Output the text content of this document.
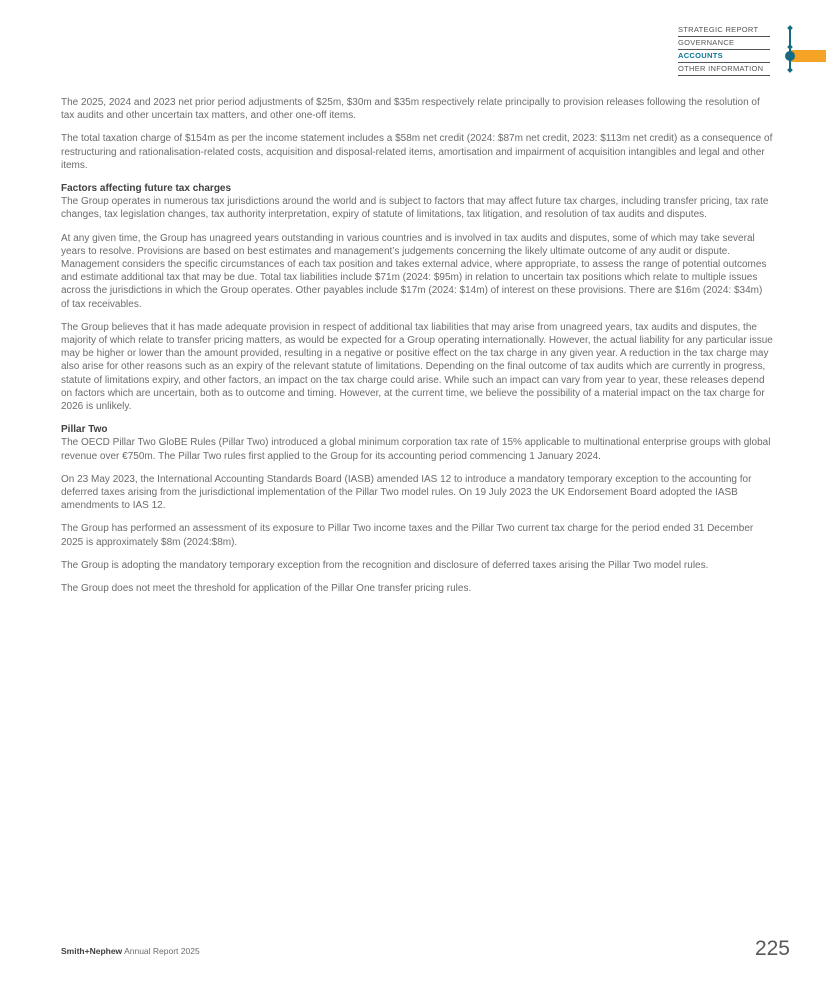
STRATEGIC REPORT
GOVERNANCE
ACCOUNTS
OTHER INFORMATION

The 2025, 2024 and 2023 net prior period adjustments of $25m, $30m and $35m respectively relate principally to provision releases following the resolution of tax audits and other uncertain tax matters, and other one-off items.

The total taxation charge of $154m as per the income statement includes a $58m net credit (2024: $87m net credit, 2023: $113m net credit) as a consequence of restructuring and rationalisation-related costs, acquisition and disposal-related items, amortisation and impairment of acquisition intangibles and legal and other items.

Factors affecting future tax charges

The Group operates in numerous tax jurisdictions around the world and is subject to factors that may affect future tax charges, including transfer pricing, tax rate changes, tax legislation changes, tax authority interpretation, expiry of statute of limitations, tax litigation, and resolution of tax audits and disputes.

At any given time, the Group has unagreed years outstanding in various countries and is involved in tax audits and disputes, some of which may take several years to resolve. Provisions are based on best estimates and management’s judgements concerning the likely ultimate outcome of any audit or dispute. Management considers the specific circumstances of each tax position and takes external advice, where appropriate, to assess the range of potential outcomes and estimate additional tax that may be due. Total tax liabilities include $71m (2024: $95m) in relation to uncertain tax positions which relate to multiple issues across the jurisdictions in which the Group operates. Other payables include $17m (2024: $14m) of interest on these provisions. There are $16m (2024: $34m) of tax receivables.

The Group believes that it has made adequate provision in respect of additional tax liabilities that may arise from unagreed years, tax audits and disputes, the majority of which relate to transfer pricing matters, as would be expected for a Group operating internationally. However, the actual liability for any particular issue may be higher or lower than the amount provided, resulting in a negative or positive effect on the tax charge in any given year. A reduction in the tax charge may also arise for other reasons such as an expiry of the relevant statute of limitations. Depending on the final outcome of tax audits which are currently in progress, statute of limitations expiry, and other factors, an impact on the tax charge could arise. While such an impact can vary from year to year, these releases depend on factors which are uncertain, both as to outcome and timing. However, at the current time, we believe the possibility of a material impact on the tax charge for 2026 is unlikely.

Pillar Two

The OECD Pillar Two GloBE Rules (Pillar Two) introduced a global minimum corporation tax rate of 15% applicable to multinational enterprise groups with global revenue over €750m. The Pillar Two rules first applied to the Group for its accounting period commencing 1 January 2024.

On 23 May 2023, the International Accounting Standards Board (IASB) amended IAS 12 to introduce a mandatory temporary exception to the accounting for deferred taxes arising from the jurisdictional implementation of the Pillar Two model rules. On 19 July 2023 the UK Endorsement Board adopted the IASB amendments to IAS 12.

The Group has performed an assessment of its exposure to Pillar Two income taxes and the Pillar Two current tax charge for the period ended 31 December 2025 is approximately $8m (2024:$8m).

The Group is adopting the mandatory temporary exception from the recognition and disclosure of deferred taxes arising the Pillar Two model rules.

The Group does not meet the threshold for application of the Pillar One transfer pricing rules.

Smith+Nephew Annual Report 2025	225
